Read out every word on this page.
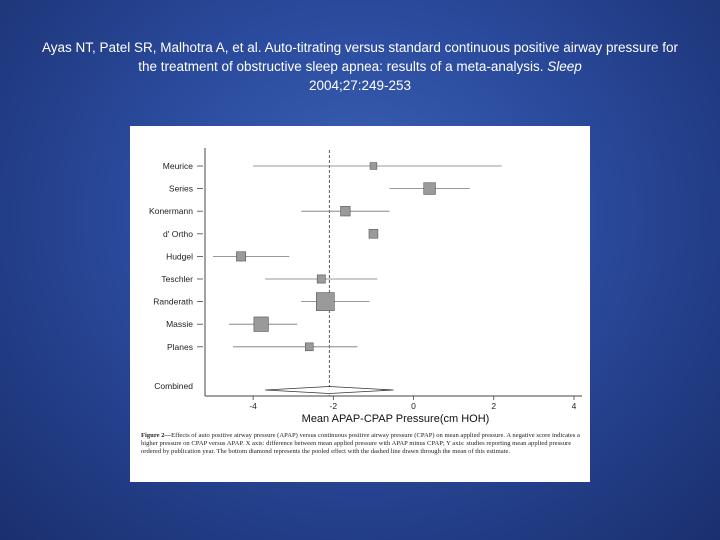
Ayas NT, Patel SR, Malhotra A, et al. Auto-titrating versus standard continuous positive airway pressure for the treatment of obstructive sleep apnea: results of a meta-analysis. Sleep
2004;27:249-253
Meurice
Series
Konermann
d' Ortho
Hudgel
Teschler
Randerath
Massie
Planes
Combined
-4	-2	0	2	4
Mean APAP-CPAP Pressure(cm HOH)
Figure 2—Effects of auto positive airway pressure (APAP) versus continuous positive airway pressure (CPAP) on mean applied pressure. A negative score indicates a higher pressure on CPAP versus APAP. X axis: difference between mean applied pressure with APAP minus CPAP; Y axis: studies reporting mean applied pressure ordered by publication year. The bottom diamond represents the pooled effect with the dashed line drawn through the mean of this estimate.
